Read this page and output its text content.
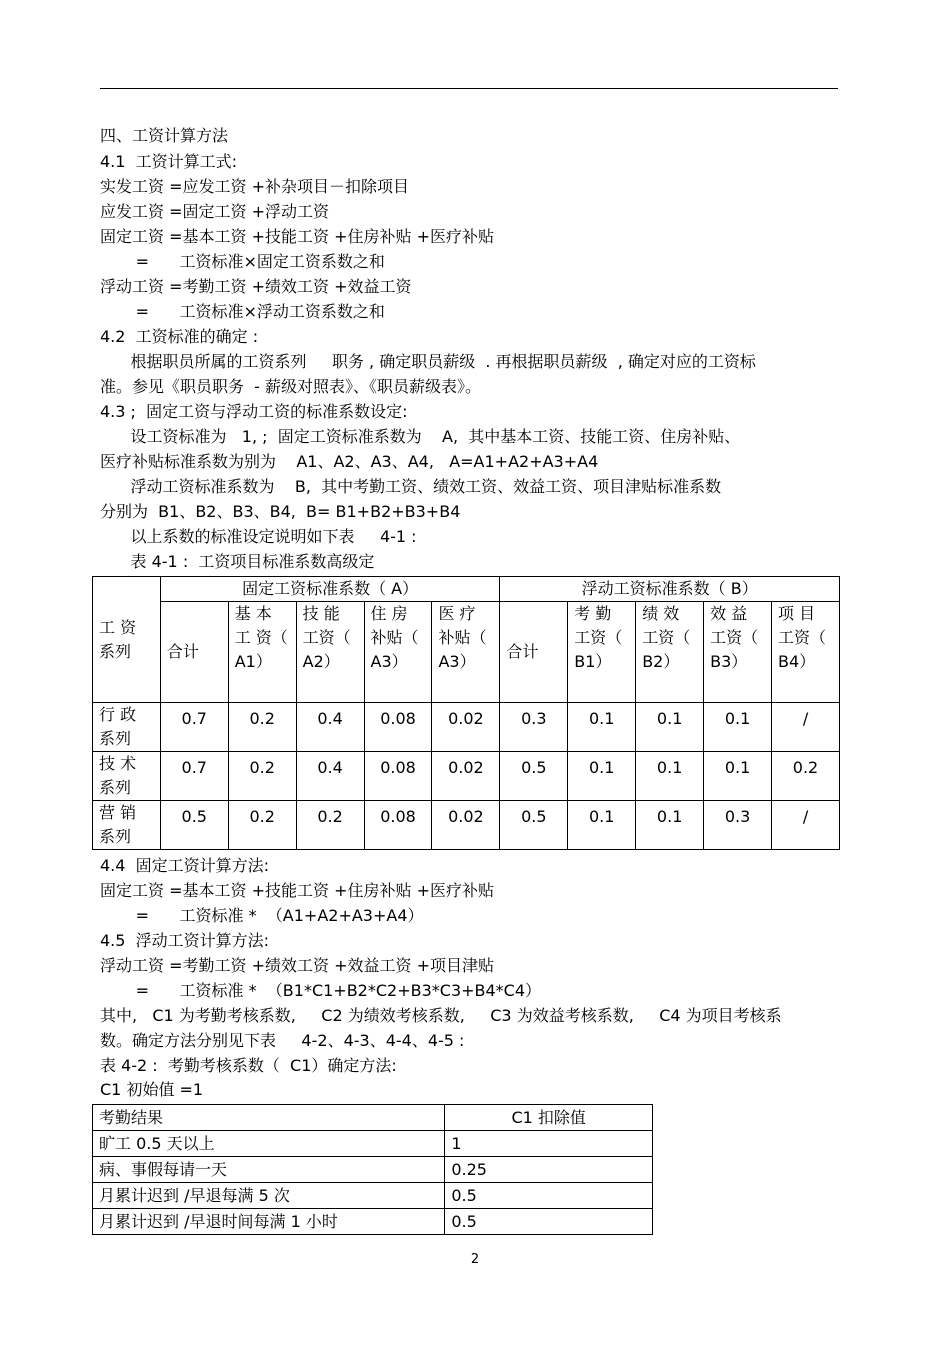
四、工资计算方法
4.1  工资计算工式:
实发工资 =应发工资 +补杂项目－扣除项目
应发工资 =固定工资 +浮动工资
固定工资 =基本工资 +技能工资 +住房补贴 +医疗补贴
=      工资标准×固定工资系数之和
浮动工资 =考勤工资 +绩效工资 +效益工资
=      工资标准×浮动工资系数之和
4.2  工资标准的确定 :
根据职员所属的工资系列     职务 , 确定职员薪级  . 再根据职员薪级  , 确定对应的工资标
准。参见《职员职务  - 薪级对照表》、《职员薪级表》。
4.3 ;  固定工资与浮动工资的标准系数设定:
设工资标准为   1, ;  固定工资标准系数为    A,  其中基本工资、技能工资、住房补贴、
医疗补贴标准系数为别为    A1、A2、A3、A4,   A=A1+A2+A3+A4
浮动工资标准系数为    B,  其中考勤工资、绩效工资、效益工资、项目津贴标准系数
分别为  B1、B2、B3、B4,  B= B1+B2+B3+B4
以上系数的标准设定说明如下表     4-1 :
表 4-1 :  工资项目标准系数高级定
4.4  固定工资计算方法:
固定工资 =基本工资 +技能工资 +住房补贴 +医疗补贴
=      工资标准 *  （A1+A2+A3+A4）
4.5  浮动工资计算方法:
浮动工资 =考勤工资 +绩效工资 +效益工资 +项目津贴
=      工资标准 *  （B1*C1+B2*C2+B3*C3+B4*C4）
其中,   C1 为考勤考核系数,     C2 为绩效考核系数,     C3 为效益考核系数,     C4 为项目考核系
数。确定方法分别见下表     4-2、4-3、4-4、4-5 :
表 4-2 :  考勤考核系数（  C1）确定方法:
C1 初始值 =1
工 资 系列	固定工资标准系数（ A）					浮动工资标准系数（ B）				
	合计	基 本 工 资（ A1）	技 能 工资（ A2）	住 房 补贴（ A3）	医 疗 补贴（ A3）	合计	考 勤 工资（ B1）	绩 效 工资（ B2）	效 益 工资（ B3）	项 目 工资（ B4）
行 政 系列	0.7	0.2	0.4	0.08	0.02	0.3	0.1	0.1	0.1	/
技 术 系列	0.7	0.2	0.4	0.08	0.02	0.5	0.1	0.1	0.1	0.2
营 销 系列	0.5	0.2	0.2	0.08	0.02	0.5	0.1	0.1	0.3	/
考勤结果	C1 扣除值
旷工 0.5 天以上	1
病、事假每请一天	0.25
月累计迟到 /早退每满 5 次	0.5
月累计迟到 /早退时间每满 1 小时	0.5
2
